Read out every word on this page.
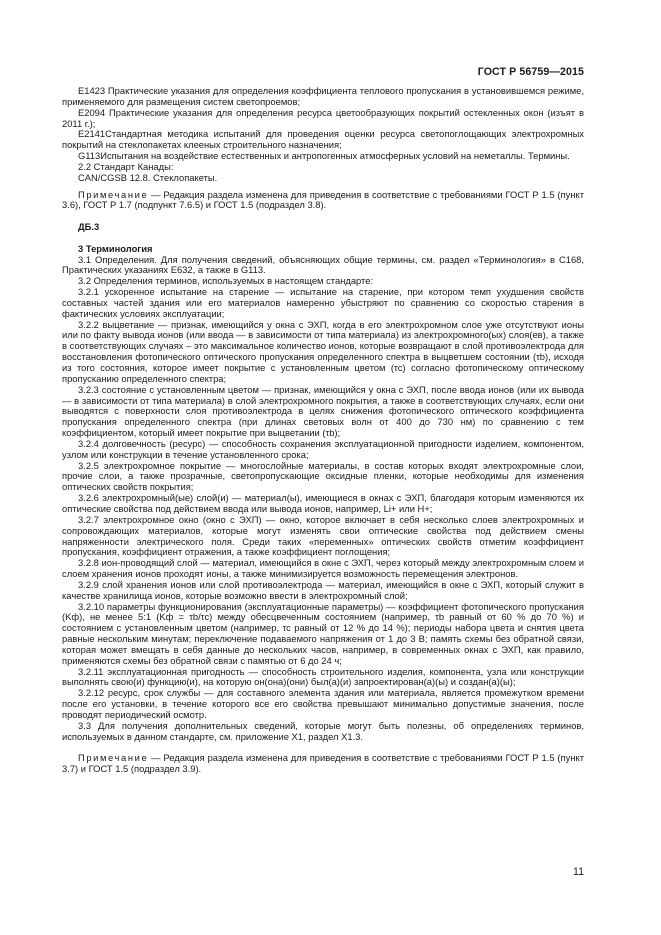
ГОСТ Р 56759—2015

E1423 Практические указания для определения коэффициента теплового пропускания в установившемся режиме, применяемого для размещения систем светопроемов;

E2094 Практические указания для определения ресурса цветообразующих покрытий остекленных окон (изъят в 2011 г.);

E2141Стандартная методика испытаний для проведения оценки ресурса светопоглощающих электрохромных покрытий на стеклопакетах клееных строительного назначения;

G113Испытания на воздействие естественных и антропогенных атмосферных условий на неметаллы. Термины.

2.2 Стандарт Канады:

CAN/CGSB 12.8. Стеклопакеты.

Примечание — Редакция раздела изменена для приведения в соответствие с требованиями ГОСТ Р 1.5 (пункт 3.6), ГОСТ Р 1.7 (подпункт 7.6.5) и ГОСТ 1.5 (подраздел 3.8).

ДБ.3

3 Терминология

3.1 Определения. Для получения сведений, объясняющих общие термины, см. раздел «Терминология» в C168, Практических указаниях E632, а также в G113.

3.2 Определения терминов, используемых в настоящем стандарте:

3.2.1 ускоренное испытание на старение — испытание на старение, при котором темп ухудшения свойств составных частей здания или его материалов намеренно убыстряют по сравнению со скоростью старения в фактических условиях эксплуатации;

3.2.2 выцветание — признак, имеющийся у окна с ЭХП, когда в его электрохромном слое уже отсутствуют ионы или по факту вывода ионов (или ввода — в зависимости от типа материала) из электрохромного(ых) слоя(ев), а также в соответствующих случаях – это максимальное количество ионов, которые возвращают в слой противоэлектрода для восстановления фотопического оптического пропускания определенного спектра в выцветшем состоянии (τb), исходя из того состояния, которое имеет покрытие с установленным цветом (τc) согласно фотопическому оптическому пропусканию определенного спектра;

3.2.3 состояние с установленным цветом — признак, имеющийся у окна с ЭХП, после ввода ионов (или их вывода — в зависимости от типа материала) в слой электрохромного покрытия, а также в соответствующих случаях, если они выводятся с поверхности слоя противоэлектрода в целях снижения фотопического оптического коэффициента пропускания определенного спектра (при длинах световых волн от 400 до 730 нм) по сравнению с тем коэффициентом, который имеет покрытие при выцветании (τb);

3.2.4 долговечность (ресурс) — способность сохранения эксплуатационной пригодности изделием, компонентом, узлом или конструкции в течение установленного срока;

3.2.5 электрохромное покрытие — многослойные материалы, в состав которых входят электрохромные слои, прочие слои, а также прозрачные, светопропускающие оксидные пленки, которые необходимы для изменения оптических свойств покрытия;

3.2.6 электрохромный(ые) слой(и) — материал(ы), имеющиеся в окнах с ЭХП, благодаря которым изменяются их оптические свойства под действием ввода или вывода ионов, например, Li+ или H+;

3.2.7 электрохромное окно (окно с ЭХП) — окно, которое включает в себя несколько слоев электрохромных и сопровождающих материалов, которые могут изменять свои оптические свойства под действием смены напряженности электрического поля. Среди таких «переменных» оптических свойств отметим коэффициент пропускания, коэффициент отражения, а также коэффициент поглощения;

3.2.8 ион-проводящий слой — материал, имеющийся в окне с ЭХП, через который между электрохромным слоем и слоем хранения ионов проходят ионы, а также минимизируется возможность перемещения электронов.

3.2.9 слой хранения ионов или слой противоэлектрода — материал, имеющийся в окне с ЭХП, который служит в качестве хранилища ионов, которые возможно ввести в электрохромный слой;

3.2.10 параметры функционирования (эксплуатационные параметры) — коэффициент фотопического пропускания (Kф), не менее 5:1 (Kф = τb/τc) между обесцвеченным состоянием (например, τb равный от 60 % до 70 %) и состоянием с установленным цветом (например, τc равный от 12 % до 14 %); периоды набора цвета и снятия цвета равные нескольким минутам; переключение подаваемого напряжения от 1 до 3 В; память схемы без обратной связи, которая может вмещать в себя данные до нескольких часов, например, в современных окнах с ЭХП, как правило, применяются схемы без обратной связи с памятью от 6 до 24 ч;

3.2.11 эксплуатационная пригодность — способность строительного изделия, компонента, узла или конструкции выполнять свою(и) функцию(и), на которую он(она)(они) был(а)(и) запроектирован(а)(ы) и создан(а)(ы);

3.2.12 ресурс, срок службы — для составного элемента здания или материала, является промежутком времени после его установки, в течение которого все его свойства превышают минимально допустимые значения, после проводят периодический осмотр.

3.3 Для получения дополнительных сведений, которые могут быть полезны, об определениях терминов, используемых в данном стандарте, см. приложение X1, раздел X1.3.

Примечание — Редакция раздела изменена для приведения в соответствие с требованиями ГОСТ Р 1.5 (пункт 3.7) и ГОСТ 1.5 (подраздел 3.9).

11
